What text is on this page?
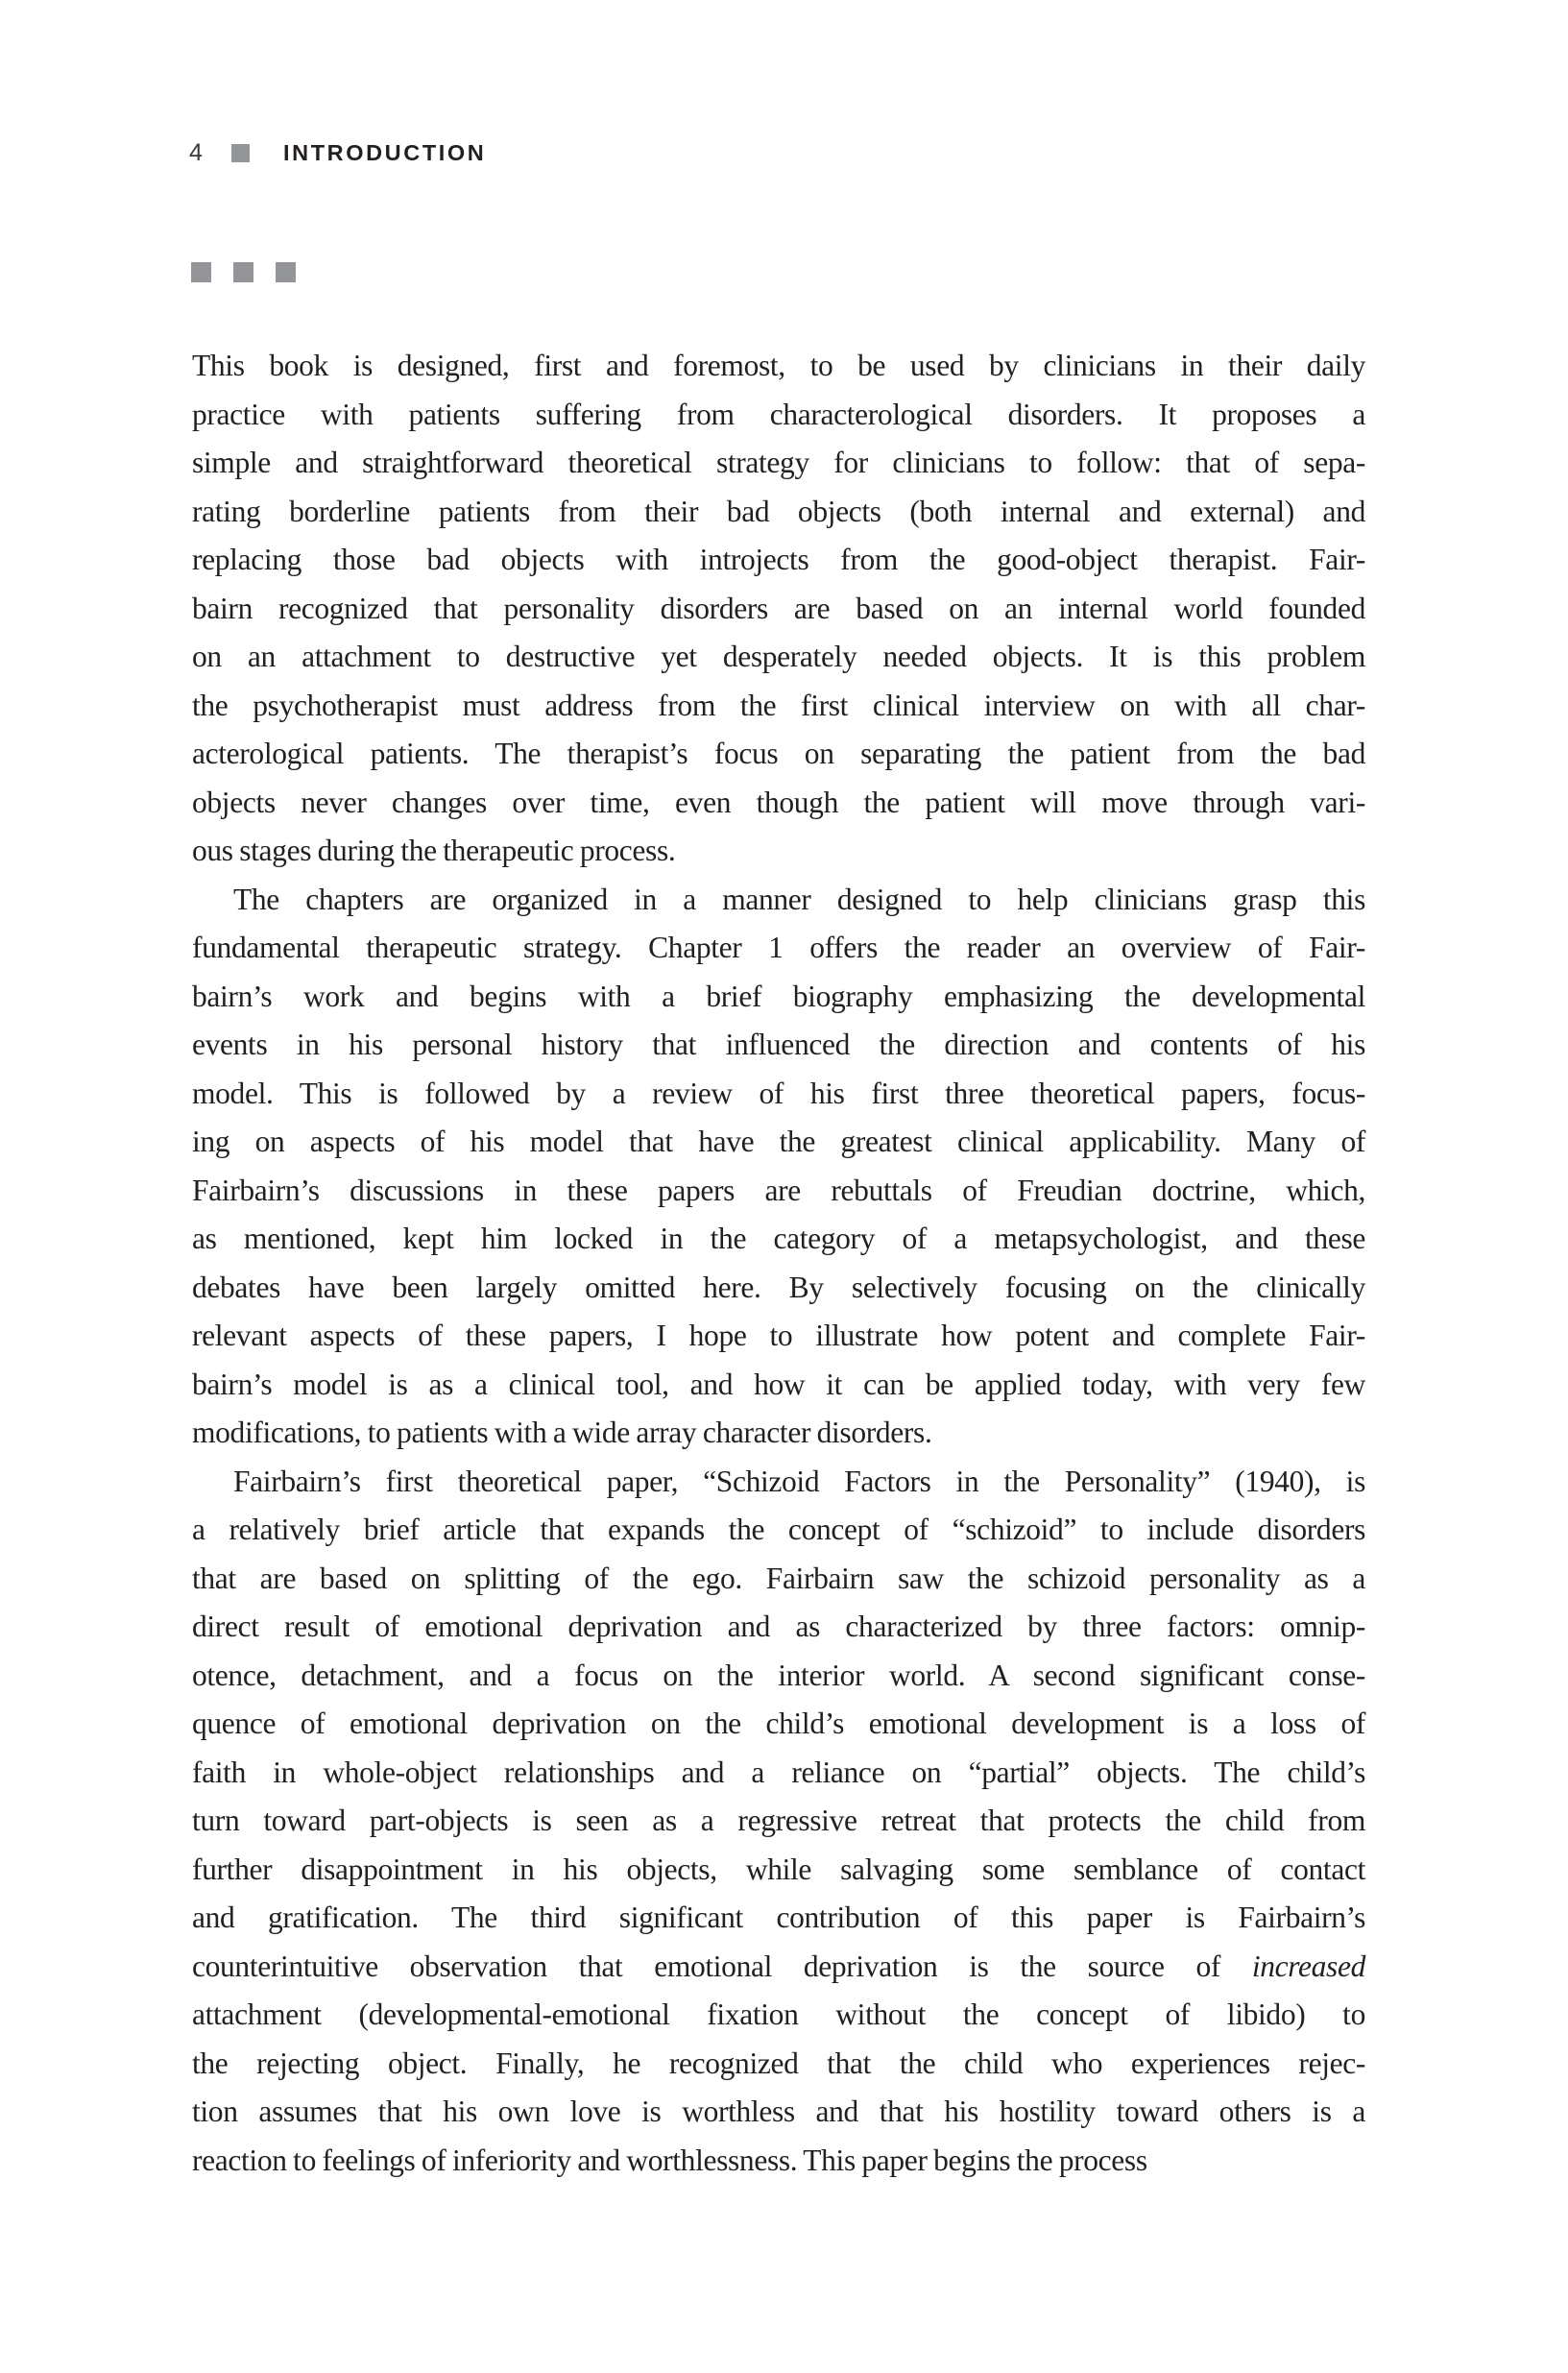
4	INTRODUCTION

This book is designed, first and foremost, to be used by clinicians in their daily
practice with patients suffering from characterological disorders. It proposes a
simple and straightforward theoretical strategy for clinicians to follow: that of sepa-
rating borderline patients from their bad objects (both internal and external) and
replacing those bad objects with introjects from the good-object therapist. Fair-
bairn recognized that personality disorders are based on an internal world founded
on an attachment to destructive yet desperately needed objects. It is this problem
the psychotherapist must address from the first clinical interview on with all char-
acterological patients. The therapist’s focus on separating the patient from the bad
objects never changes over time, even though the patient will move through vari-
ous stages during the therapeutic process.

The chapters are organized in a manner designed to help clinicians grasp this
fundamental therapeutic strategy. Chapter 1 offers the reader an overview of Fair-
bairn’s work and begins with a brief biography emphasizing the developmental
events in his personal history that influenced the direction and contents of his
model. This is followed by a review of his first three theoretical papers, focus-
ing on aspects of his model that have the greatest clinical applicability. Many of
Fairbairn’s discussions in these papers are rebuttals of Freudian doctrine, which,
as mentioned, kept him locked in the category of a metapsychologist, and these
debates have been largely omitted here. By selectively focusing on the clinically
relevant aspects of these papers, I hope to illustrate how potent and complete Fair-
bairn’s model is as a clinical tool, and how it can be applied today, with very few
modifications, to patients with a wide array character disorders.

Fairbairn’s first theoretical paper, “Schizoid Factors in the Personality” (1940), is
a relatively brief article that expands the concept of “schizoid” to include disorders
that are based on splitting of the ego. Fairbairn saw the schizoid personality as a
direct result of emotional deprivation and as characterized by three factors: omnip-
otence, detachment, and a focus on the interior world. A second significant conse-
quence of emotional deprivation on the child’s emotional development is a loss of
faith in whole-object relationships and a reliance on “partial” objects. The child’s
turn toward part-objects is seen as a regressive retreat that protects the child from
further disappointment in his objects, while salvaging some semblance of contact
and gratification. The third significant contribution of this paper is Fairbairn’s
counterintuitive observation that emotional deprivation is the source of increased
attachment (developmental-emotional fixation without the concept of libido) to
the rejecting object. Finally, he recognized that the child who experiences rejec-
tion assumes that his own love is worthless and that his hostility toward others is a
reaction to feelings of inferiority and worthlessness. This paper begins the process
